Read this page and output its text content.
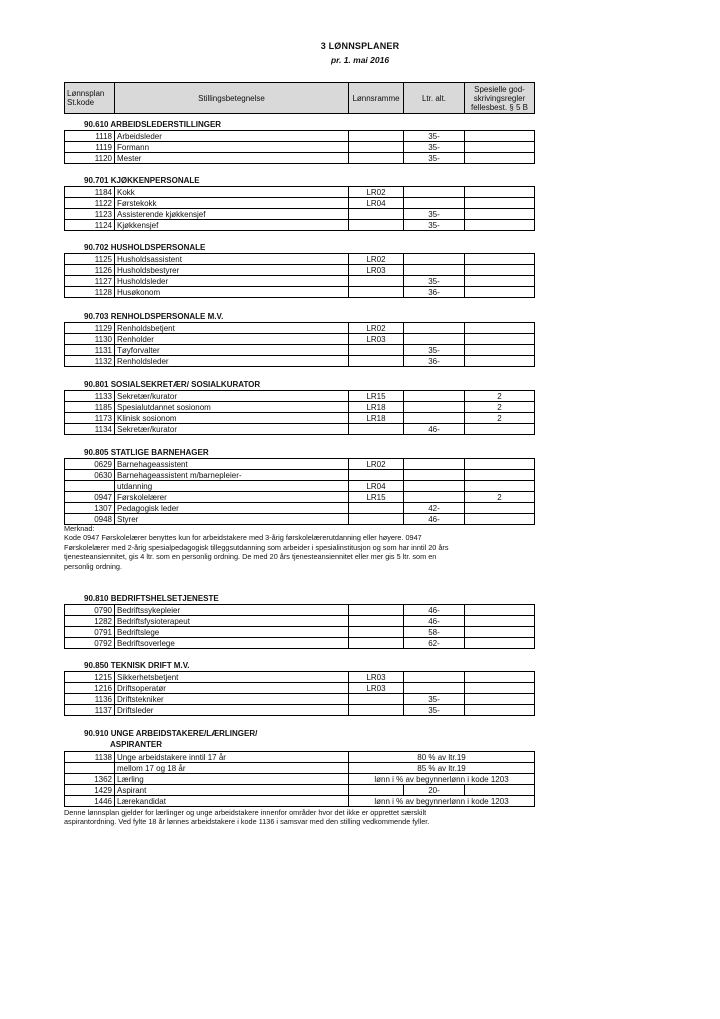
3 LØNNSPLANER
pr. 1. mai 2016
Lønnsplan St.kode	Stillingsbetegnelse	Lønnsramme	Ltr. alt.	Spesielle god-skrivingsregler fellesbest. § 5 B
90.610 ARBEIDSLEDERSTILLINGER
1118	Arbeidsleder		35-	
1119	Formann		35-	
1120	Mester		35-	
90.701 KJØKKENPERSONALE
1184	Kokk	LR02		
1122	Førstekokk	LR04		
1123	Assisterende kjøkkensjef		35-	
1124	Kjøkkensjef		35-	
90.702 HUSHOLDSPERSONALE
1125	Husholdsassistent	LR02		
1126	Husholdsbestyrer	LR03		
1127	Husholdsleder		35-	
1128	Husøkonom		36-	
90.703 RENHOLDSPERSONALE M.V.
1129	Renholdsbetjent	LR02		
1130	Renholder	LR03		
1131	Tøyforvalter		35-	
1132	Renholdsleder		36-	
90.801 SOSIALSEKRETÆR/ SOSIALKURATOR
1133	Sekretær/kurator	LR15		2
1185	Spesialutdannet sosionom	LR18		2
1173	Klinisk sosionom	LR18		2
1134	Sekretær/kurator		46-	
90.805 STATLIGE BARNEHAGER
0629	Barnehageassistent	LR02		
0630	Barnehageassistent m/barnepleier-			
	utdanning	LR04		
0947	Førskolelærer	LR15		2
1307	Pedagogisk leder		42-	
0948	Styrer		46-	
90.810 BEDRIFTSHELSETJENESTE
0790	Bedriftssykepleier		46-	
1282	Bedriftsfysioterapeut		46-	
0791	Bedriftslege		58-	
0792	Bedriftsoverlege		62-	
90.850 TEKNISK DRIFT M.V.
1215	Sikkerhetsbetjent	LR03		
1216	Driftsoperatør	LR03		
1136	Driftstekniker		35-	
1137	Driftsleder		35-	
90.910 UNGE ARBEIDSTAKERE/LÆRLINGER/
ASPIRANTER
1138	Unge arbeidstakere inntil 17 år	80 % av ltr.19		
	mellom 17 og 18 år	85 % av ltr.19		
1362	Lærling	lønn i % av begynnerlønn i kode 1203		
1429	Aspirant		20-	
1446	Lærekandidat	lønn i % av begynnerlønn i kode 1203		
Merknad:
Kode 0947 Førskolelærer benyttes kun for arbeidstakere med 3-årig førskolelærerutdanning eller høyere. 0947
Førskolelærer med 2-årig spesialpedagogisk tilleggsutdanning som arbeider i spesialinstitusjon og som har inntil 20 års
tjenesteansiennitet, gis 4 ltr. som en personlig ordning. De med 20 års tjenesteansiennitet eller mer gis 5 ltr. som en
personlig ordning.
Denne lønnsplan gjelder for lærlinger og unge arbeidstakere innenfor områder hvor det ikke er opprettet særskilt
aspirantordning. Ved fylte 18 år lønnes arbeidstakere i kode 1136 i samsvar med den stilling vedkommende fyller.
